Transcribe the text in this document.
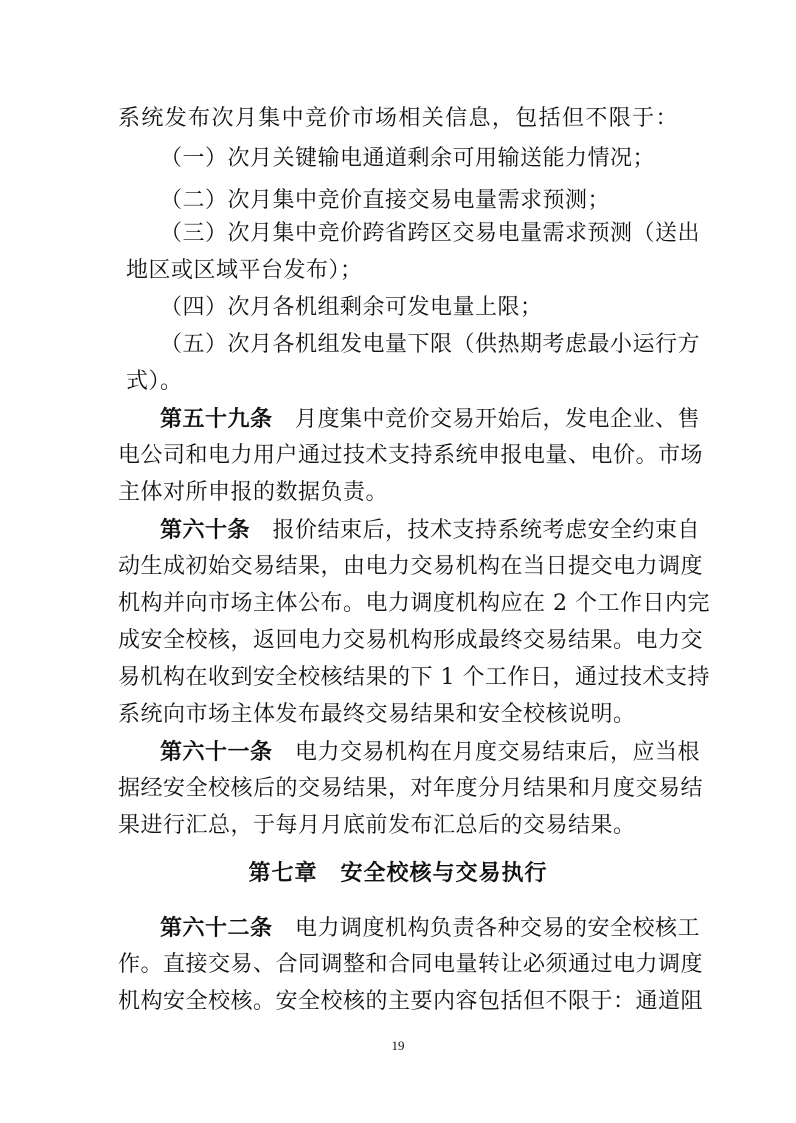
系统发布次月集中竞价市场相关信息，包括但不限于：
（一）次月关键输电通道剩余可用输送能力情况；
（二）次月集中竞价直接交易电量需求预测；
（三）次月集中竞价跨省跨区交易电量需求预测（送出
地区或区域平台发布）；
（四）次月各机组剩余可发电量上限；
（五）次月各机组发电量下限（供热期考虑最小运行方
式）。
第五十九条　月度集中竞价交易开始后，发电企业、售
电公司和电力用户通过技术支持系统申报电量、电价。市场
主体对所申报的数据负责。
第六十条　报价结束后，技术支持系统考虑安全约束自
动生成初始交易结果，由电力交易机构在当日提交电力调度
机构并向市场主体公布。电力调度机构应在 2 个工作日内完
成安全校核，返回电力交易机构形成最终交易结果。电力交
易机构在收到安全校核结果的下 1 个工作日，通过技术支持
系统向市场主体发布最终交易结果和安全校核说明。
第六十一条　电力交易机构在月度交易结束后，应当根
据经安全校核后的交易结果，对年度分月结果和月度交易结
果进行汇总，于每月月底前发布汇总后的交易结果。
第七章　安全校核与交易执行
第六十二条　电力调度机构负责各种交易的安全校核工
作。直接交易、合同调整和合同电量转让必须通过电力调度
机构安全校核。安全校核的主要内容包括但不限于：通道阻
19
